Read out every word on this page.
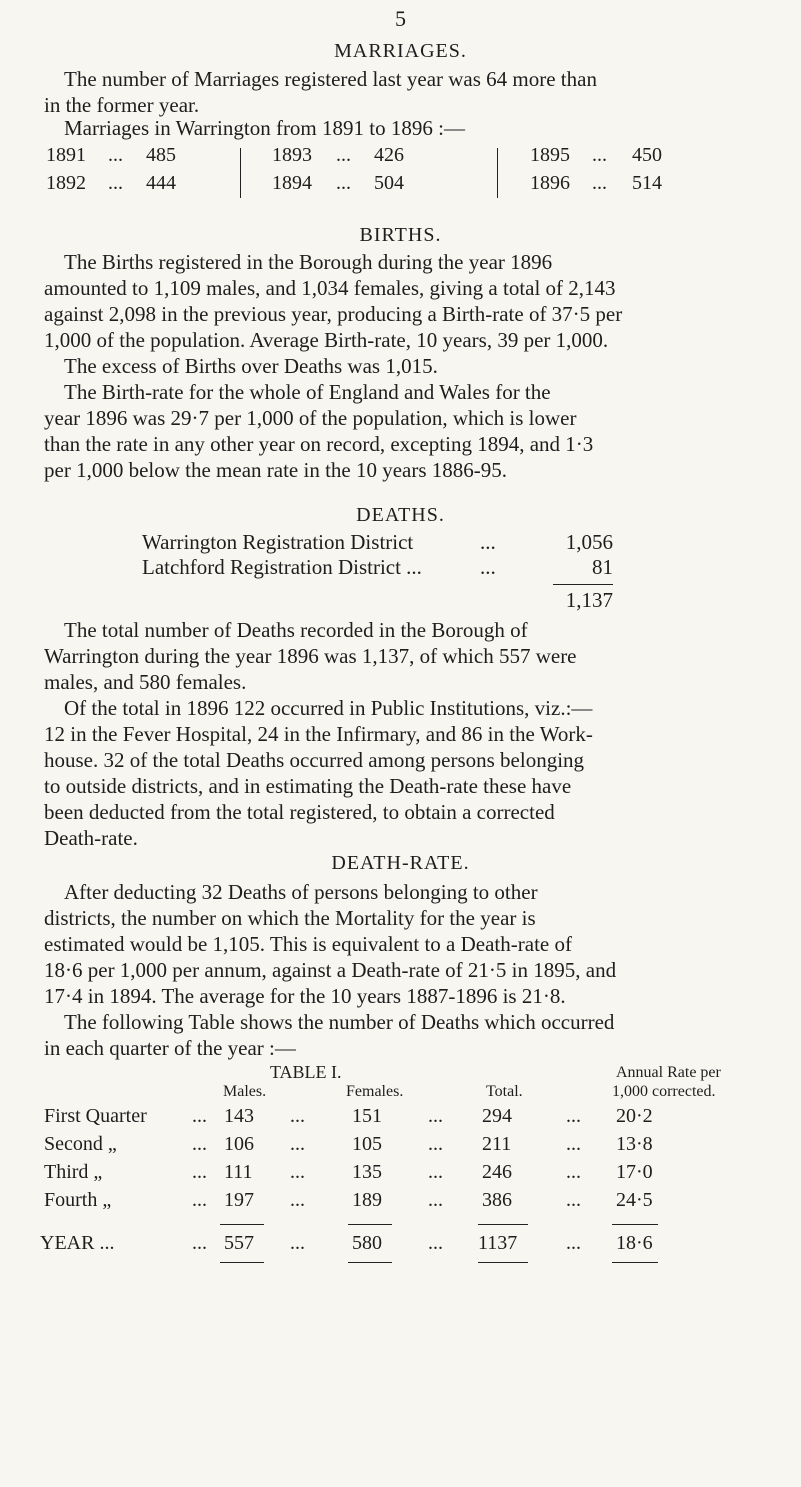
5
MARRIAGES.
The number of Marriages registered last year was 64 more than
in the former year.
Marriages in Warrington from 1891 to 1896 :—
1891 ... 485
1892 ... 444
1893 ... 426
1894 ... 504
1895 ... 450
1896 ... 514
BIRTHS.
The Births registered in the Borough during the year 1896
amounted to 1,109 males, and 1,034 females, giving a total of 2,143
against 2,098 in the previous year, producing a Birth-rate of 37·5 per
1,000 of the population. Average Birth-rate, 10 years, 39 per 1,000.
The excess of Births over Deaths was 1,015.
The Birth-rate for the whole of England and Wales for the
year 1896 was 29·7 per 1,000 of the population, which is lower
than the rate in any other year on record, excepting 1894, and 1·3
per 1,000 below the mean rate in the 10 years 1886-95.
DEATHS.
Warrington Registration District	...	1,056
Latchford Registration District ...	...	81
1,137
The total number of Deaths recorded in the Borough of
Warrington during the year 1896 was 1,137, of which 557 were
males, and 580 females.
Of the total in 1896 122 occurred in Public Institutions, viz.:—
12 in the Fever Hospital, 24 in the Infirmary, and 86 in the Work-
house. 32 of the total Deaths occurred among persons belonging
to outside districts, and in estimating the Death-rate these have
been deducted from the total registered, to obtain a corrected
Death-rate.
DEATH-RATE.
After deducting 32 Deaths of persons belonging to other
districts, the number on which the Mortality for the year is
estimated would be 1,105. This is equivalent to a Death-rate of
18·6 per 1,000 per annum, against a Death-rate of 21·5 in 1895, and
17·4 in 1894. The average for the 10 years 1887-1896 is 21·8.
The following Table shows the number of Deaths which occurred
in each quarter of the year :—
TABLE I.
Males.	Females.	Total.
Annual Rate per
1,000 corrected.
First Quarter ... 143 ... 151 ... 294	... 20·2
Second „	... 106 ... 105 ... 211	... 13·8
Third „	... 111 ... 135 ... 246	... 17·0
Fourth „	... 197 ... 189 ... 386	... 24·5
YEAR ...	... 557 ... 580 ... 1137 ... 18·6
